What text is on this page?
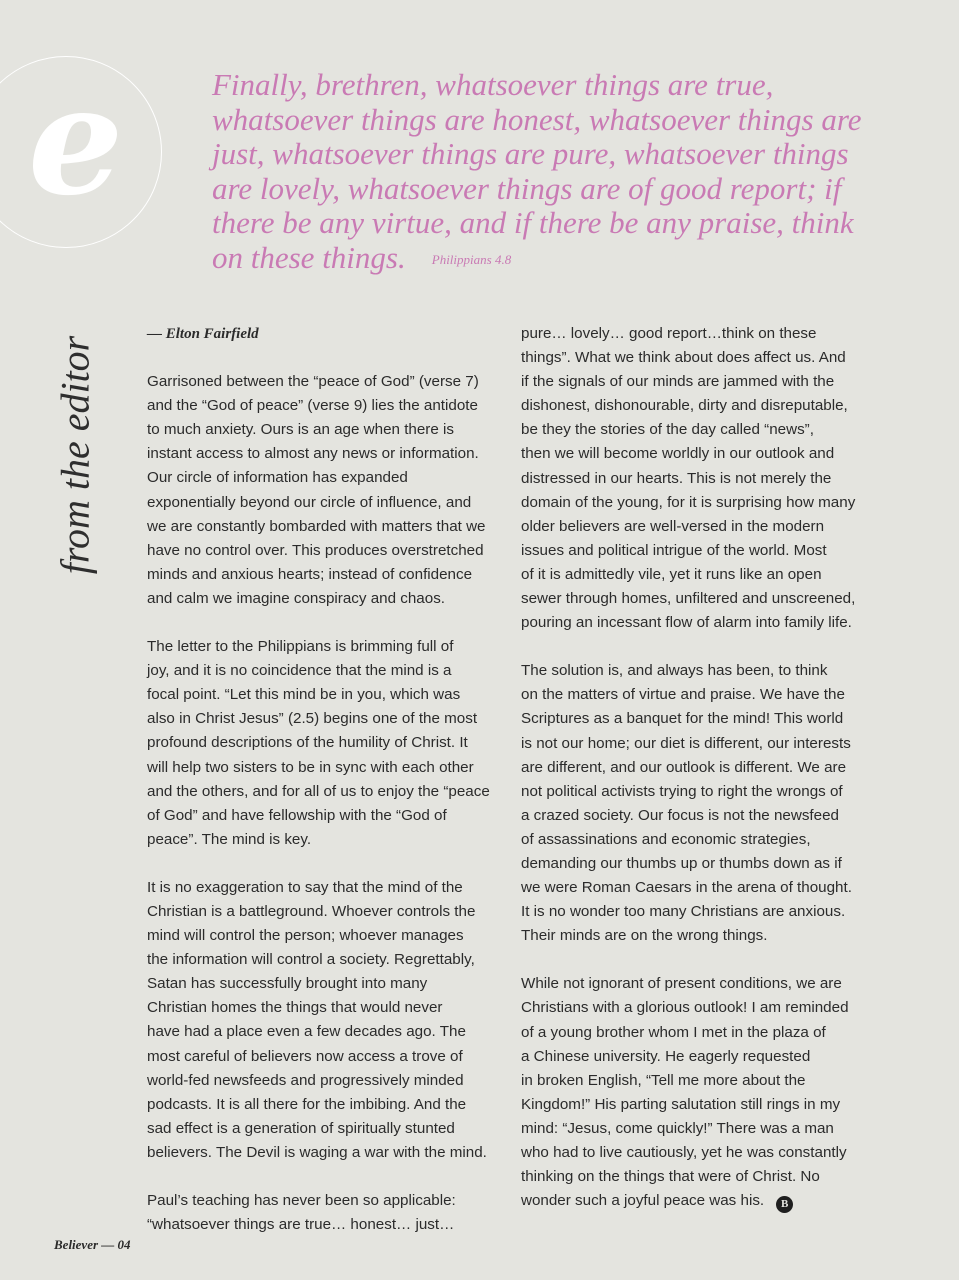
e	Finally, brethren, whatsoever things are true,
whatsoever things are honest, whatsoever things are
just, whatsoever things are pure, whatsoever things
are lovely, whatsoever things are of good report; if
there be any virtue, and if there be any praise, think
on these things. Philippians 4.8
from the editor
— Elton Fairfield
Garrisoned between the “peace of God” (verse 7)
and the “God of peace” (verse 9) lies the antidote
to much anxiety. Ours is an age when there is
instant access to almost any news or information.
Our circle of information has expanded
exponentially beyond our circle of influence, and
we are constantly bombarded with matters that we
have no control over. This produces overstretched
minds and anxious hearts; instead of confidence
and calm we imagine conspiracy and chaos.
The letter to the Philippians is brimming full of
joy, and it is no coincidence that the mind is a
focal point. “Let this mind be in you, which was
also in Christ Jesus” (2.5) begins one of the most
profound descriptions of the humility of Christ. It
will help two sisters to be in sync with each other
and the others, and for all of us to enjoy the “peace
of God” and have fellowship with the “God of
peace”. The mind is key.
It is no exaggeration to say that the mind of the
Christian is a battleground. Whoever controls the
mind will control the person; whoever manages
the information will control a society. Regrettably,
Satan has successfully brought into many
Christian homes the things that would never
have had a place even a few decades ago. The
most careful of believers now access a trove of
world-fed newsfeeds and progressively minded
podcasts. It is all there for the imbibing. And the
sad effect is a generation of spiritually stunted
believers. The Devil is waging a war with the mind.
Paul’s teaching has never been so applicable:
“whatsoever things are true… honest… just…
pure… lovely… good report…think on these
things”. What we think about does affect us. And
if the signals of our minds are jammed with the
dishonest, dishonourable, dirty and disreputable,
be they the stories of the day called “news”,
then we will become worldly in our outlook and
distressed in our hearts. This is not merely the
domain of the young, for it is surprising how many
older believers are well-versed in the modern
issues and political intrigue of the world. Most
of it is admittedly vile, yet it runs like an open
sewer through homes, unfiltered and unscreened,
pouring an incessant flow of alarm into family life.
The solution is, and always has been, to think
on the matters of virtue and praise. We have the
Scriptures as a banquet for the mind! This world
is not our home; our diet is different, our interests
are different, and our outlook is different. We are
not political activists trying to right the wrongs of
a crazed society. Our focus is not the newsfeed
of assassinations and economic strategies,
demanding our thumbs up or thumbs down as if
we were Roman Caesars in the arena of thought.
It is no wonder too many Christians are anxious.
Their minds are on the wrong things.
While not ignorant of present conditions, we are
Christians with a glorious outlook! I am reminded
of a young brother whom I met in the plaza of
a Chinese university. He eagerly requested
in broken English, “Tell me more about the
Kingdom!” His parting salutation still rings in my
mind: “Jesus, come quickly!” There was a man
who had to live cautiously, yet he was constantly
thinking on the things that were of Christ. No
wonder such a joyful peace was his. B
Believer — 04
